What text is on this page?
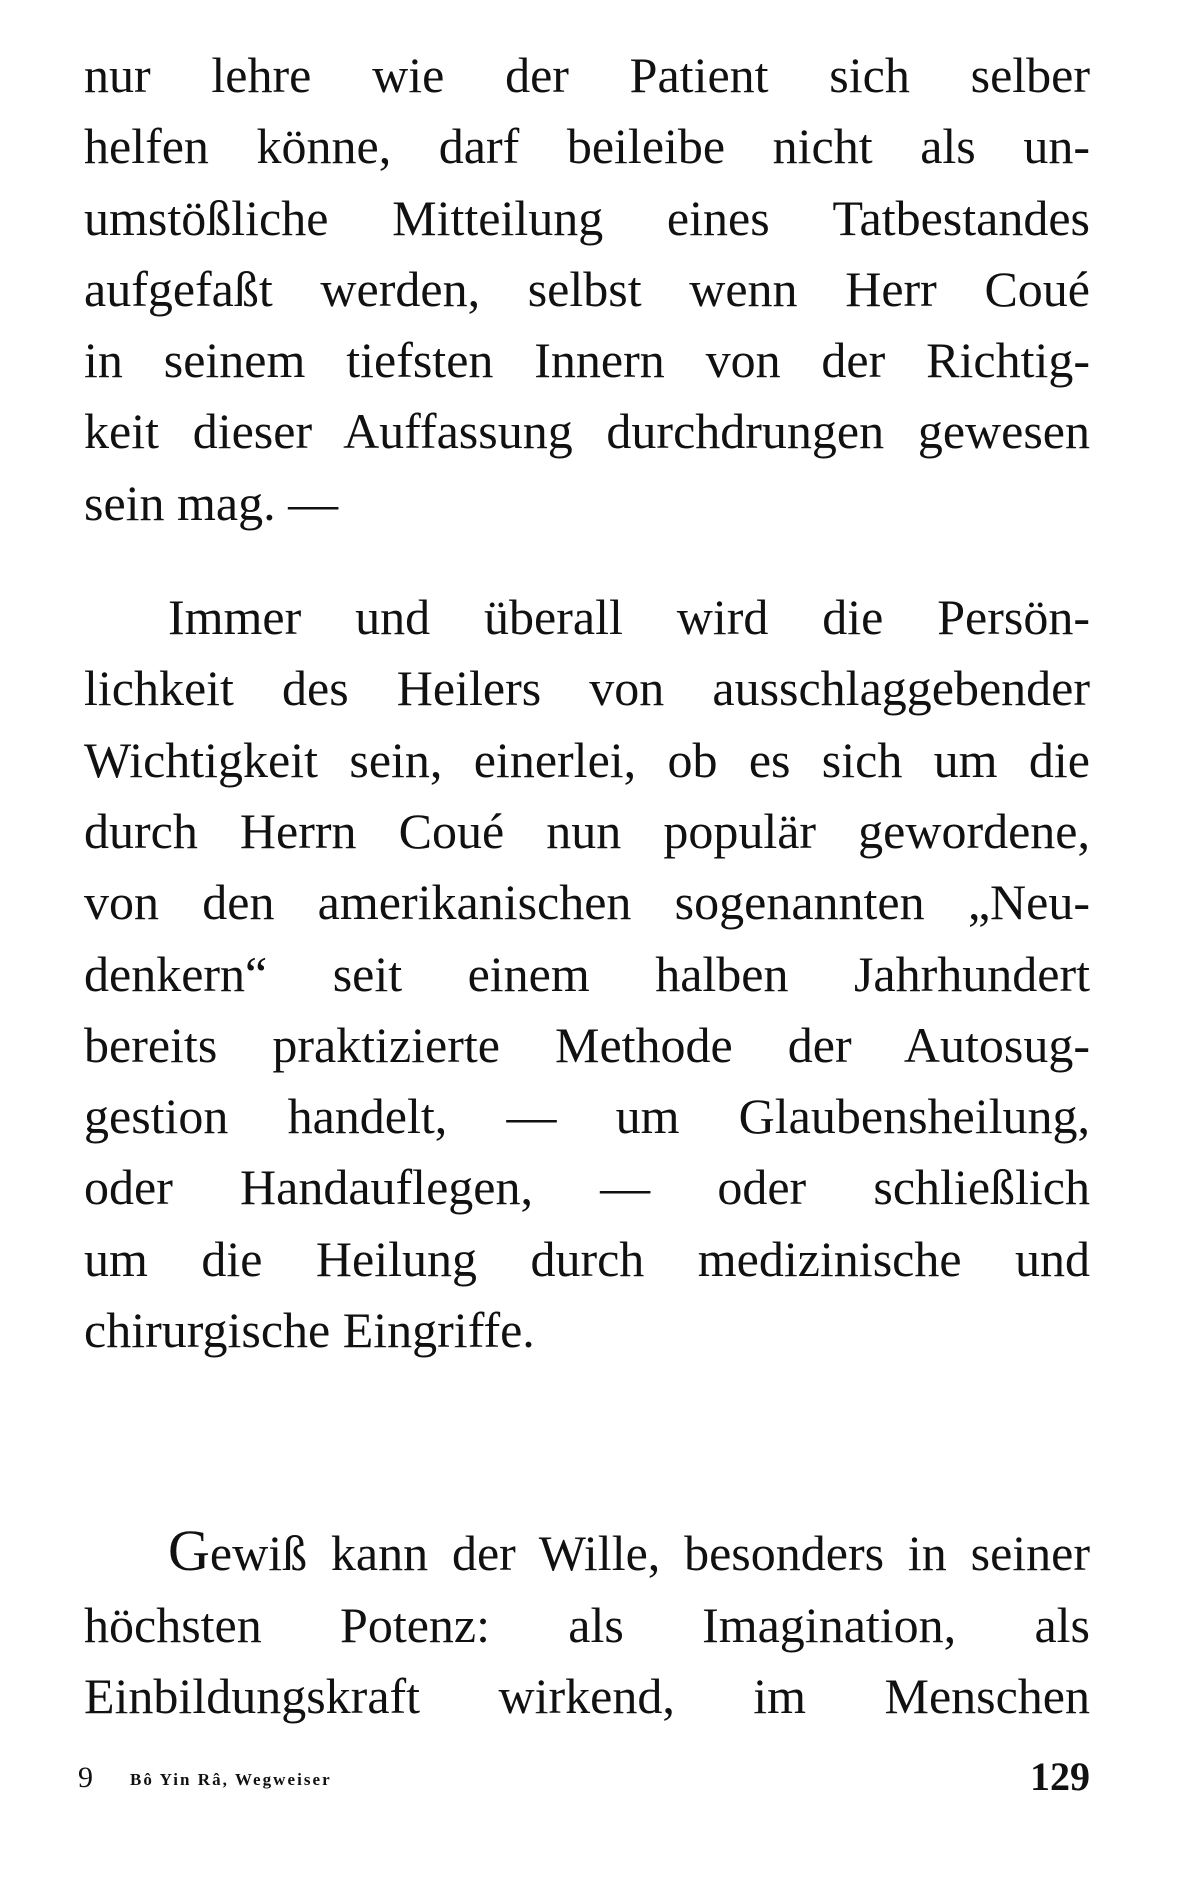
nur lehre wie der Patient sich selber
helfen könne, darf beileibe nicht als un-
umstößliche Mitteilung eines Tatbestandes
aufgefaßt werden, selbst wenn Herr Coué
in seinem tiefsten Innern von der Richtig-
keit dieser Auffassung durchdrungen gewesen
sein mag. —

Immer und überall wird die Persön-
lichkeit des Heilers von ausschlaggebender
Wichtigkeit sein, einerlei, ob es sich um die
durch Herrn Coué nun populär gewordene,
von den amerikanischen sogenannten „Neu-
denkern“ seit einem halben Jahrhundert
bereits praktizierte Methode der Autosug-
gestion handelt, — um Glaubensheilung,
oder Handauflegen, — oder schließlich
um die Heilung durch medizinische und
chirurgische Eingriffe.

Gewiß kann der Wille, besonders in seiner
höchsten Potenz: als Imagination, als
Einbildungskraft wirkend, im Menschen

9 Bô Yin Râ, Wegweiser	129
